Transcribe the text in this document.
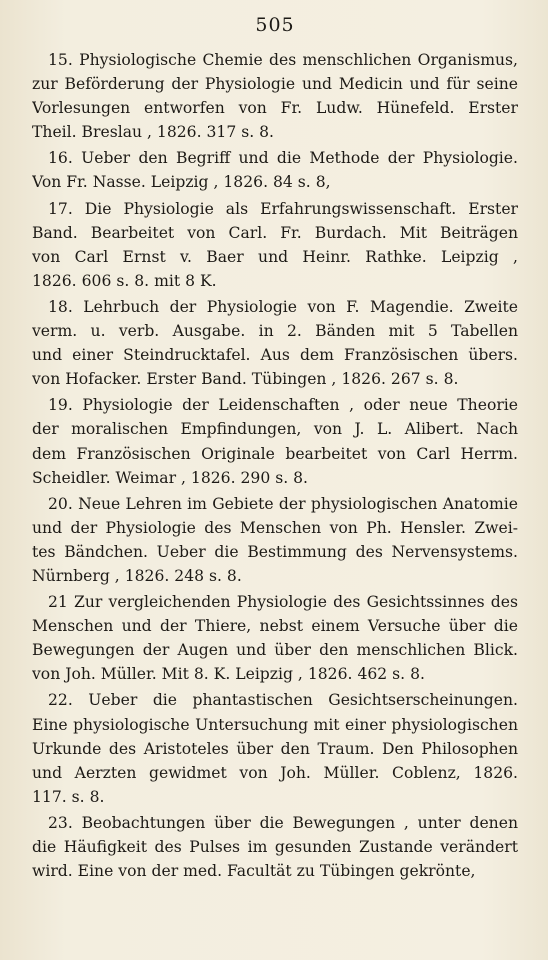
505
15. Physiologische Chemie des menschlichen Organismus,
zur Beförderung der Physiologie und Medicin und für seine
Vorlesungen entworfen von Fr. Ludw. Hünefeld. Erster
Theil. Breslau , 1826. 317 s. 8.
16. Ueber den Begriff und die Methode der Physiologie.
Von Fr. Nasse. Leipzig , 1826. 84 s. 8,
17. Die Physiologie als Erfahrungswissenschaft. Erster
Band. Bearbeitet von Carl. Fr. Burdach. Mit Beiträgen
von Carl Ernst v. Baer und Heinr. Rathke. Leipzig ,
1826. 606 s. 8. mit 8 K.
18. Lehrbuch der Physiologie von F. Magendie. Zweite
verm. u. verb. Ausgabe. in 2. Bänden mit 5 Tabellen
und einer Steindrucktafel. Aus dem Französischen übers.
von Hofacker. Erster Band. Tübingen , 1826. 267 s. 8.
19. Physiologie der Leidenschaften , oder neue Theorie
der moralischen Empfindungen, von J. L. Alibert. Nach
dem Französischen Originale bearbeitet von Carl Herrm.
Scheidler. Weimar , 1826. 290 s. 8.
20. Neue Lehren im Gebiete der physiologischen Anatomie
und der Physiologie des Menschen von Ph. Hensler. Zwei-
tes Bändchen. Ueber die Bestimmung des Nervensystems.
Nürnberg , 1826. 248 s. 8.
21 Zur vergleichenden Physiologie des Gesichtssinnes des
Menschen und der Thiere, nebst einem Versuche über die
Bewegungen der Augen und über den menschlichen Blick.
von Joh. Müller. Mit 8. K. Leipzig , 1826. 462 s. 8.
22. Ueber die phantastischen Gesichtserscheinungen.
Eine physiologische Untersuchung mit einer physiologischen
Urkunde des Aristoteles über den Traum. Den Philosophen
und Aerzten gewidmet von Joh. Müller. Coblenz, 1826.
117. s. 8.
23. Beobachtungen über die Bewegungen , unter denen
die Häufigkeit des Pulses im gesunden Zustande verändert
wird. Eine von der med. Facultät zu Tübingen gekrönte,
